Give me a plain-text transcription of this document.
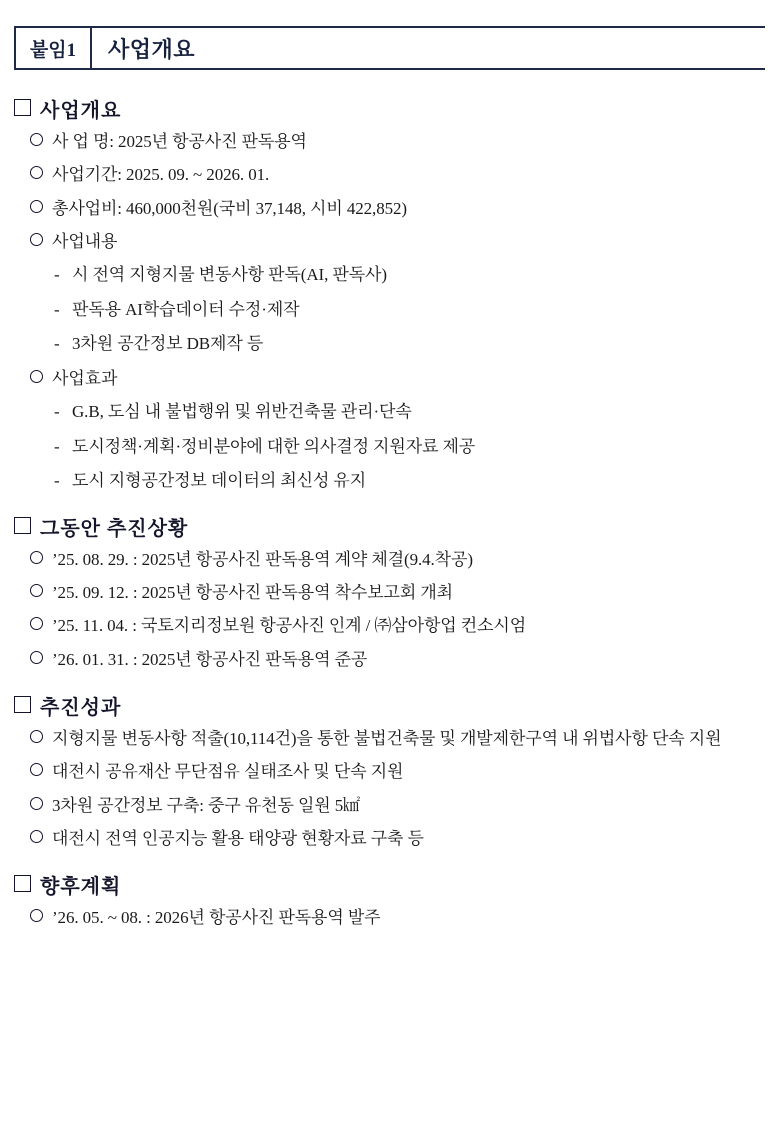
붙임1	사업개요
사업개요
사 업 명: 2025년 항공사진 판독용역
사업기간: 2025. 09. ~ 2026. 01.
총사업비: 460,000천원(국비 37,148, 시비 422,852)
사업내용
- 시 전역 지형지물 변동사항 판독(AI, 판독사)
- 판독용 AI학습데이터 수정·제작
- 3차원 공간정보 DB제작 등
사업효과
- G.B, 도심 내 불법행위 및 위반건축물 관리·단속
- 도시정책·계획·정비분야에 대한 의사결정 지원자료 제공
- 도시 지형공간정보 데이터의 최신성 유지
그동안 추진상황
’25. 08. 29. : 2025년 항공사진 판독용역 계약 체결(9.4.착공)
’25. 09. 12. : 2025년 항공사진 판독용역 착수보고회 개최
’25. 11. 04. : 국토지리정보원 항공사진 인계 / ㈜삼아항업 컨소시엄
’26. 01. 31. : 2025년 항공사진 판독용역 준공
추진성과
지형지물 변동사항 적출(10,114건)을 통한 불법건축물 및 개발제한구역 내 위법사항 단속 지원
대전시 공유재산 무단점유 실태조사 및 단속 지원
3차원 공간정보 구축: 중구 유천동 일원 5㎢
대전시 전역 인공지능 활용 태양광 현황자료 구축 등
향후계획
’26. 05. ~ 08. : 2026년 항공사진 판독용역 발주
